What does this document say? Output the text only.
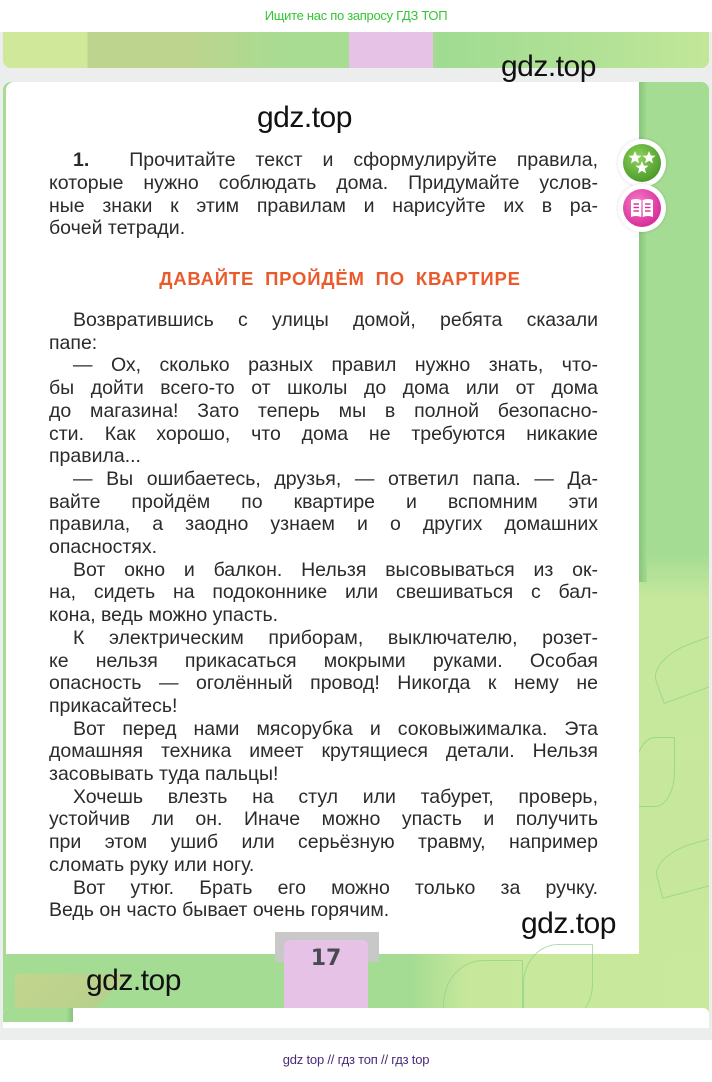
Ищите нас по запросу ГДЗ ТОП
17
gdz.top
gdz.top
gdz.top
gdz.top

1. Прочитайте текст и сформулируйте правила,

которые нужно соблюдать дома. Придумайте услов-

ные знаки к этим правилам и нарисуйте их в ра-

бочей тетради.

ДАВАЙТЕ ПРОЙДЁМ ПО КВАРТИРЕ

Возвратившись с улицы домой, ребята сказали

папе:

— Ох, сколько разных правил нужно знать, что-

бы дойти всего-то от школы до дома или от дома

до магазина! Зато теперь мы в полной безопасно-

сти. Как хорошо, что дома не требуются никакие

правила...

— Вы ошибаетесь, друзья, — ответил папа. — Да-

вайте пройдём по квартире и вспомним эти

правила, а заодно узнаем и о других домашних

опасностях.

Вот окно и балкон. Нельзя высовываться из ок-

на, сидеть на подоконнике или свешиваться с бал-

кона, ведь можно упасть.

К электрическим приборам, выключателю, розет-

ке нельзя прикасаться мокрыми руками. Особая

опасность — оголённый провод! Никогда к нему не

прикасайтесь!

Вот перед нами мясорубка и соковыжималка. Эта

домашняя техника имеет крутящиеся детали. Нельзя

засовывать туда пальцы!

Хочешь влезть на стул или табурет, проверь,

устойчив ли он. Иначе можно упасть и получить

при этом ушиб или серьёзную травму, например

сломать руку или ногу.

Вот утюг. Брать его можно только за ручку.

Ведь он часто бывает очень горячим.

gdz top // гдз топ // гдз top
